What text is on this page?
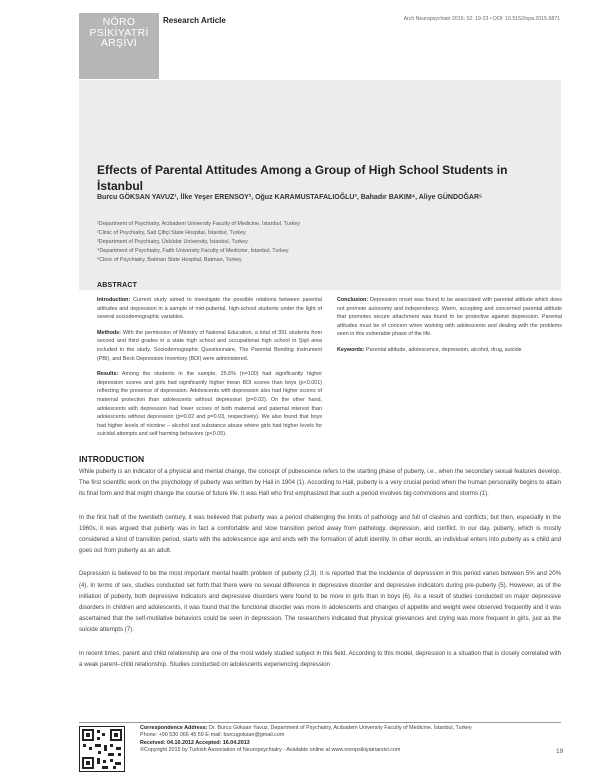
NÖRO
PSİKİYATRİ
ARŞİVİ
Research Article	Arch Neuropsychiatr 2015; 52: 19-23 • DOI: 10.5152/npa.2015.6871
Effects of Parental Attitudes Among a Group of High School Students in İstanbul
Burcu GÖKSAN YAVUZ¹, İlke Yeşer ERENSOY², Oğuz KARAMUSTAFALIOĞLU³, Bahadır BAKIM⁴, Aliye GÜNDOĞAR⁵
¹Department of Psychiatry, Acıbadem University Faculty of Medicine, İstanbul, Turkey
²Clinic of Psychiatry, Sait Çiftçi State Hospital, İstanbul, Turkey
³Department of Psychiatry, Üsküdar University, İstanbul, Turkey
⁴Department of Psychiatry, Fatih University Faculty of Medicine, İstanbul, Turkey
⁵Clinic of Psychiatry, Batman State Hospital, Batman, Turkey
ABSTRACT

Introduction: Current study aimed to investigate the possible relations between parental attitudes and depression in a sample of mid-pubertal, high-school students under the light of several sociodemographic variables.

Methods: With the permission of Ministry of National Education, a total of 391 students from second and third grades in a state high school and occupational high school in Şişli area included in the study. Sociodemographic Questionnaire, The Parental Bonding Instrument (PBI), and Beck Depression Inventory (BDI) were administered.

Results: Among the students in the sample, 25.6% (n=100) had significantly higher depression scores and girls had significantly higher mean BDI scores than boys (p<0.001) reflecting the presence of depression. Adolescents with depression also had higher scores of maternal protection than adolescents without depression (p=0.02). On the other hand, adolescents with depression had lower scores of both maternal and paternal interest than adolescents without depression (p=0.02 and p=0.03, respectively). We also found that boys had higher levels of nicotine – alcohol and substance abuse where girls had higher levels for suicidal attempts and self harming behaviors (p<0.05).

Conclusion: Depression onset was found to be associated with parental attitude which does not promote autonomy and independency. Warm, accepting and concerned parental attitude that promotes secure attachment was found to be protective against depression. Parental attitudes must be of concern when working with adolescents and dealing with the problems seen in this vulnerable phase of the life.

Keywords: Parental attitude, adolescence, depression, alcohol, drug, suicide

INTRODUCTION

While puberty is an indicator of a physical and mental change, the concept of pubescence refers to the starting phase of puberty, i.e., when the secondary sexual features develop. The first scientific work on the psychology of puberty was written by Hall in 1904 (1). According to Hall, puberty is a very crucial period when the human personality begins to attain its final form and that might change the course of future life. It was Hall who first emphasized that such a period involves big commotions and storms (1).

In the first half of the twentieth century, it was believed that puberty was a period challenging the limits of pathology and full of clashes and conflicts; but then, especially in the 1960s, it was argued that puberty was in fact a comfortable and slow transition period away from pathology, depression, and conflict. In our day, puberty, which is mostly considered a kind of transition period, starts with the adolescence age and ends with the formation of adult identity. In other words, an individual enters into puberty as a child and goes out from puberty as an adult.

Depression is believed to be the most important mental health problem of puberty (2,3). It is reported that the incidence of depression in this period varies between 5% and 20% (4). In terms of sex, studies conducted set forth that there were no sexual difference in depressive disorder and depressive indicators during pre-puberty (5). However, as of the initiation of puberty, both depressive indicators and depressive disorders were found to be more in girls than in boys (6). As a result of studies conducted on major depressive disorders in children and adolescents, it was found that the functional disorder was more in adolescents and changes of appetite and weight were observed frequently and it was ascertained that the self-mutilative behaviors could be seen in depression. The researchers indicated that physical grievances and crying was more frequent in girls, just as the suicide attempts (7).

In recent times, parent and child relationship are one of the most widely studied subject in this field. According to this model, depression is a situation that is closely correlated with a weak parent–child relationship. Studies conducted on adolescents experiencing depression

Correspondence Address: Dr. Burcu Göksan Yavuz, Department of Psychiatry, Acıbadem University Faculty of Medicine, İstanbul, Turkey
Phone: +90 530 066 45 59 E-mail: burcugoksan@gmail.com
Received: 04.10.2012 Accepted: 16.04.2013
©Copyright 2015 by Turkish Association of Neuropsychiatry - Available online at www.noropsikiyatriarsivi.com	19
